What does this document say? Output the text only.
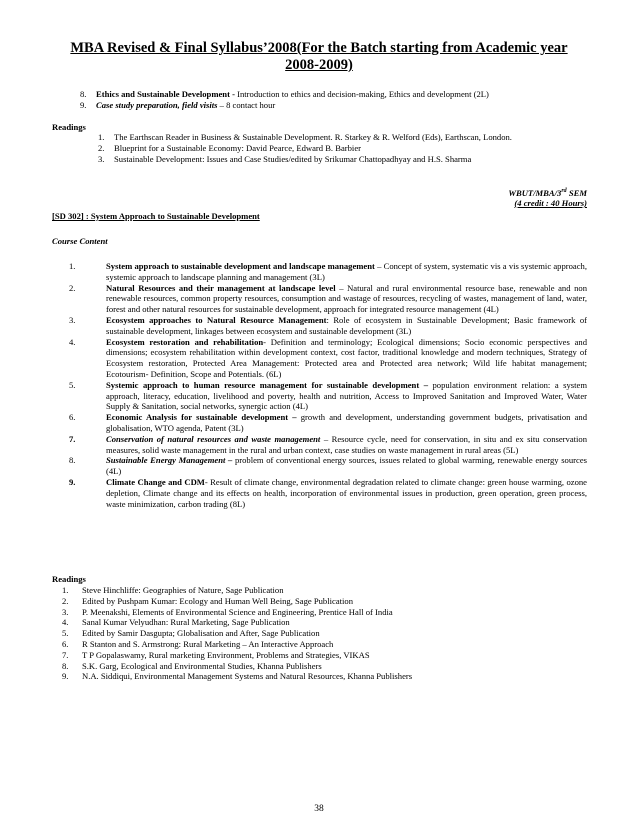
MBA Revised & Final Syllabus’2008(For the Batch starting from Academic year
2008-2009)
8.	Ethics and Sustainable Development - Introduction to ethics and decision-making, Ethics and development (2L)
9.	Case study preparation, field visits – 8 contact hour
Readings
1.	The Earthscan Reader in Business & Sustainable Development. R. Starkey & R. Welford (Eds), Earthscan, London.
2.	Blueprint for a Sustainable Economy: David Pearce, Edward B. Barbier
3.	Sustainable Development: Issues and Case Studies/edited by Srikumar Chattopadhyay and H.S. Sharma
WBUT/MBA/3rd SEM
(4 credit : 40 Hours)
[SD 302] : System Approach to Sustainable Development
Course Content
1.	System approach to sustainable development and landscape management – Concept of system, systematic vis a vis systemic approach, systemic approach to landscape planning and management (3L)
2.	Natural Resources and their management at landscape level – Natural and rural environmental resource base, renewable and non renewable resources, common property resources, consumption and wastage of resources, recycling of wastes, management of land, water, forest and other natural resources for sustainable development, approach for integrated resource management (4L)
3.	Ecosystem approaches to Natural Resource Management: Role of ecosystem in Sustainable Development; Basic framework of sustainable development, linkages between ecosystem and sustainable development (3L)
4.	Ecosystem restoration and rehabilitation- Definition and terminology; Ecological dimensions; Socio economic perspectives and dimensions; ecosystem rehabilitation within development context, cost factor, traditional knowledge and modern techniques, Strategy of Ecosystem restoration, Protected Area Management: Protected area and Protected area network; Wild life habitat management; Ecotourism- Definition, Scope and Potentials. (6L)
5.	Systemic approach to human resource management for sustainable development – population environment relation: a system approach, literacy, education, livelihood and poverty, health and nutrition, Access to Improved Sanitation and Improved Water, Water Supply & Sanitation, social networks, synergic action (4L)
6.	Economic Analysis for sustainable development – growth and development, understanding government budgets, privatisation and globalisation, WTO agenda, Patent (3L)
7.	Conservation of natural resources and waste management – Resource cycle, need for conservation, in situ and ex situ conservation measures, solid waste management in the rural and urban context, case studies on waste management in rural areas (5L)
8.	Sustainable Energy Management – problem of conventional energy sources, issues related to global warming, renewable energy sources (4L)
9.	Climate Change and CDM- Result of climate change, environmental degradation related to climate change: green house warming, ozone depletion, Climate change and its effects on health, incorporation of environmental issues in production, green operation, green process, waste minimization, carbon trading (8L)
Readings
1.	Steve Hinchliffe: Geographies of Nature, Sage Publication
2.	Edited by Pushpam Kumar: Ecology and Human Well Being, Sage Publication
3.	P. Meenakshi, Elements of Environmental Science and Engineering, Prentice Hall of India
4.	Sanal Kumar Velyudhan: Rural Marketing, Sage Publication
5.	Edited by Samir Dasgupta; Globalisation and After, Sage Publication
6.	R Stanton and S. Armstrong: Rural Marketing – An Interactive Approach
7.	T P Gopalaswamy, Rural marketing Environment, Problems and Strategies, VIKAS
8.	S.K. Garg, Ecological and Environmental Studies, Khanna Publishers
9.	N.A. Siddiqui, Environmental Management Systems and Natural Resources, Khanna Publishers
38
